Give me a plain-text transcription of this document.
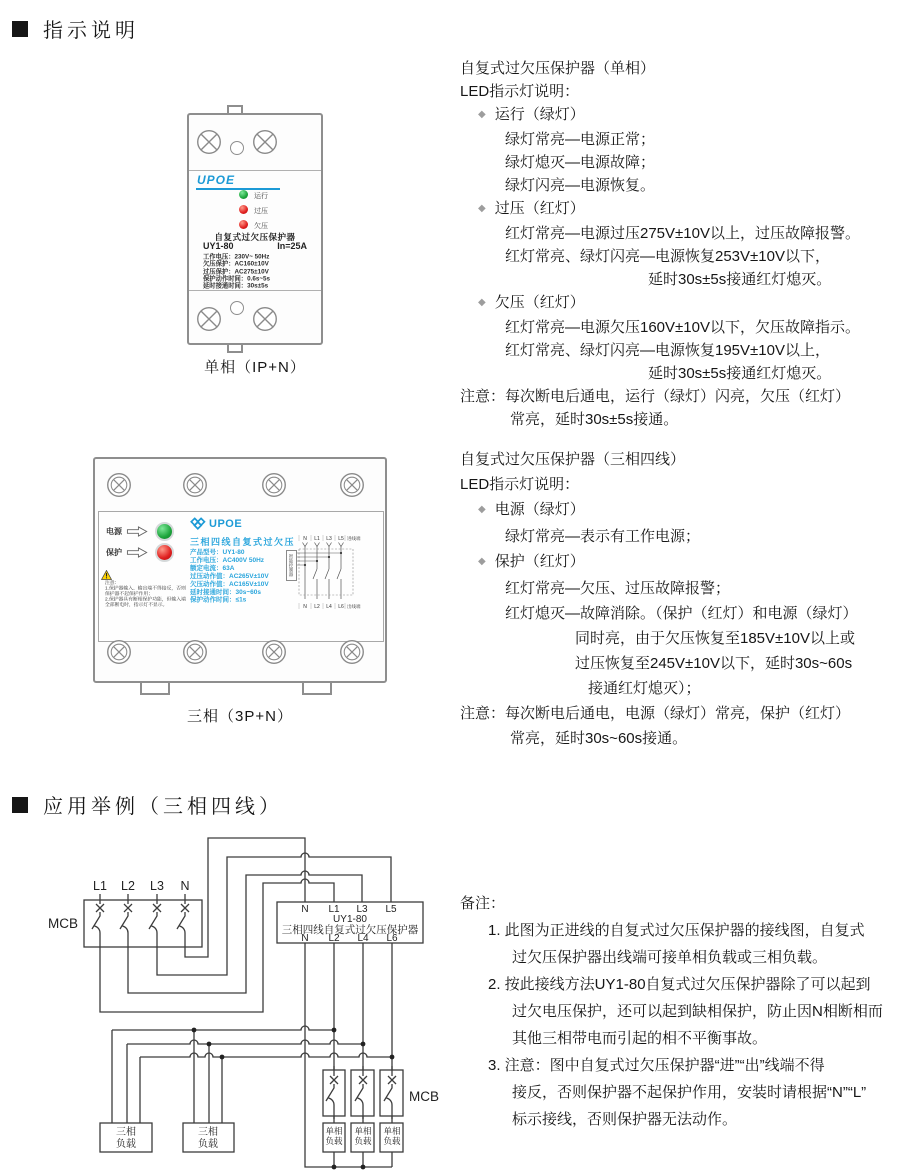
指示说明
UPOE
运行
过压
欠压
自复式过欠压保护器
UY1-80	In=25A
工作电压：230V~ 50Hz
欠压保护：AC160±10V
过压保护：AC275±10V
保护动作时间：0.6s~5s
延时接通时间：30s±5s
单相（IP+N）
电源
保护
注意：
1.保护器输入、输出端不得接反，否则保护器不起保护作用；
2.保护器具有断相保护功能，但输入端全部断电时，指示灯不显示。
UPOE
三相四线自复式过欠压
产品型号：UY1-80
工作电压：AC400V 50Hz
额定电流：63A
过压动作值：AC265V±10V
欠压动作值：AC165V±10V
延时接通时间：30s~60s
保护动作时间：≤1s
智能控制器
N L1 L3 L5 进线端
N L2 L4 L6 出线端
三相（3P+N）
自复式过欠压保护器（单相）
LED指示灯说明：
◆ 运行（绿灯）
绿灯常亮—电源正常；
绿灯熄灭—电源故障；
绿灯闪亮—电源恢复。
◆ 过压（红灯）
红灯常亮—电源过压275V±10V以上，过压故障报警。
红灯常亮、绿灯闪亮—电源恢复253V±10V以下，
延时30s±5s接通红灯熄灭。
◆ 欠压（红灯）
红灯常亮—电源欠压160V±10V以下，欠压故障指示。
红灯常亮、绿灯闪亮—电源恢复195V±10V以上，
延时30s±5s接通红灯熄灭。
注意：每次断电后通电，运行（绿灯）闪亮，欠压（红灯）
常亮，延时30s±5s接通。
自复式过欠压保护器（三相四线）
LED指示灯说明：
◆ 电源（绿灯）
绿灯常亮—表示有工作电源；
◆ 保护（红灯）
红灯常亮—欠压、过压故障报警；
红灯熄灭—故障消除。（保护（红灯）和电源（绿灯）
同时亮，由于欠压恢复至185V±10V以上或
过压恢复至245V±10V以下，延时30s~60s
接通红灯熄灭）；
注意：每次断电后通电，电源（绿灯）常亮，保护（红灯）
常亮，延时30s~60s接通。
应用举例（三相四线）
L1 L2 L3 N
MCB
N L1 L3 L5
UY1-80
三相四线自复式过欠压保护器
N L2 L4 L6
MCB
三相
负载
三相
负载
单相
负载
单相
负载
单相
负载
备注：
1. 此图为正进线的自复式过欠压保护器的接线图，自复式
过欠压保护器出线端可接单相负载或三相负载。
2. 按此接线方法UY1-80自复式过欠压保护器除了可以起到
过欠电压保护，还可以起到缺相保护，防止因N相断相而
其他三相带电而引起的相不平衡事故。
3. 注意：图中自复式过欠压保护器“进”“出”线端不得
接反，否则保护器不起保护作用，安装时请根据“N”“L”
标示接线，否则保护器无法动作。
